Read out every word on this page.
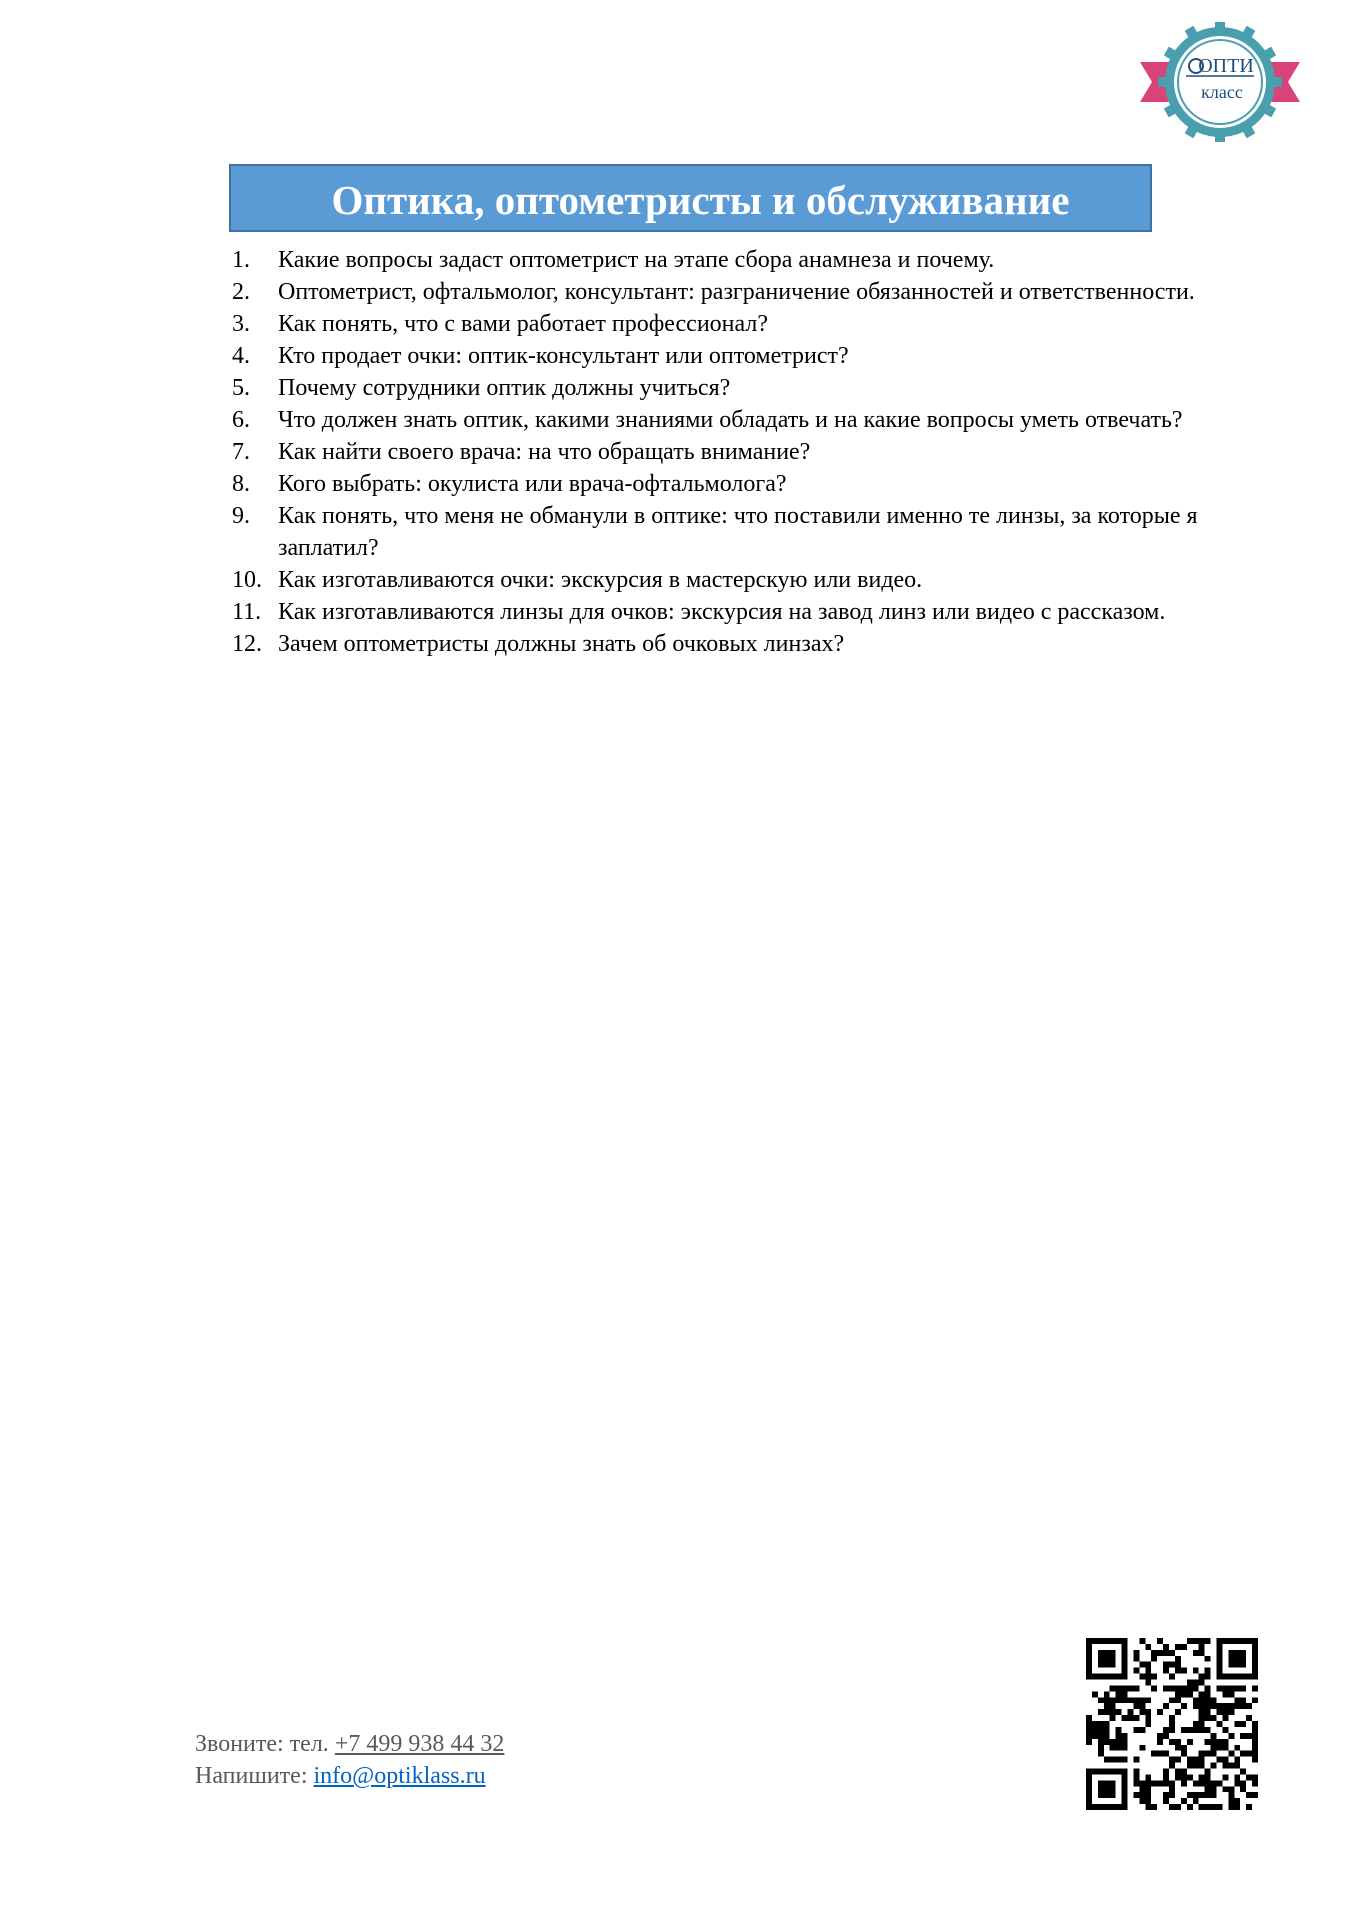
ОПТИ
класс
Оптика, оптометристы и обслуживание
1. Какие вопросы задаст оптометрист на этапе сбора анамнеза и почему.
2. Оптометрист, офтальмолог, консультант: разграничение обязанностей и ответственности.
3. Как понять, что с вами работает профессионал?
4. Кто продает очки: оптик-консультант или оптометрист?
5. Почему сотрудники оптик должны учиться?
6. Что должен знать оптик, какими знаниями обладать и на какие вопросы уметь отвечать?
7. Как найти своего врача: на что обращать внимание?
8. Кого выбрать: окулиста или врача-офтальмолога?
9. Как понять, что меня не обманули в оптике: что поставили именно те линзы, за которые я заплатил?
10. Как изготавливаются очки: экскурсия в мастерскую или видео.
11. Как изготавливаются линзы для очков: экскурсия на завод линз или видео с рассказом.
12. Зачем оптометристы должны знать об очковых линзах?
Звоните: тел. +7 499 938 44 32
Напишите: info@optiklass.ru
